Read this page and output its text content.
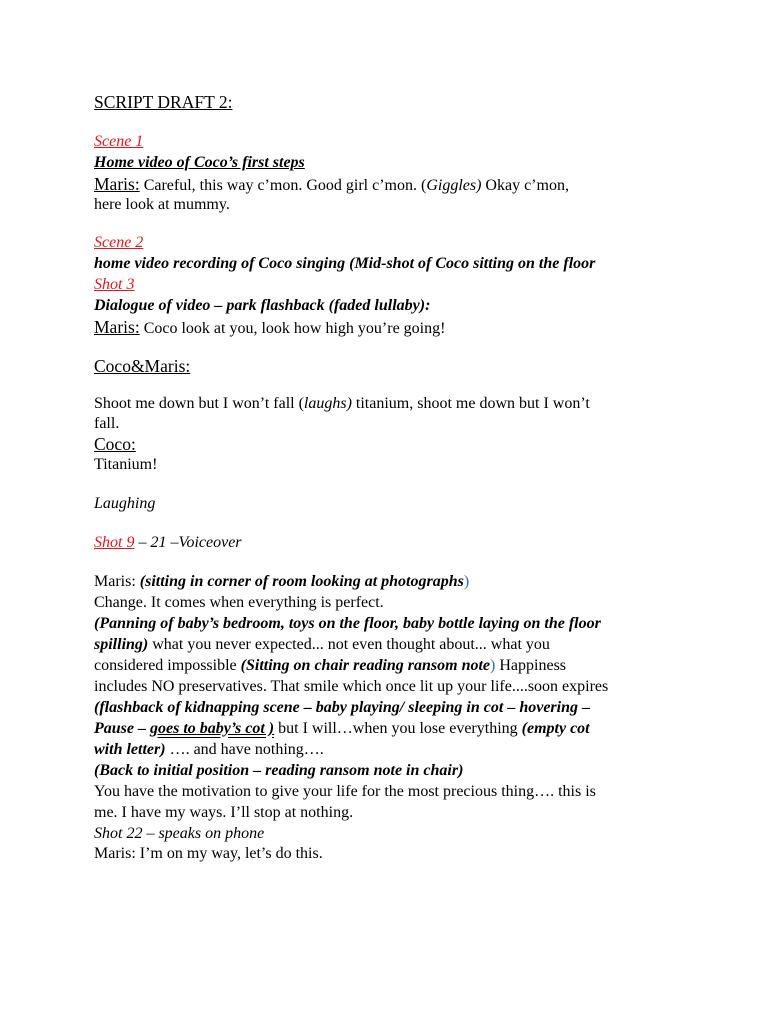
SCRIPT DRAFT 2:
Scene 1
Home video of Coco’s first steps
Maris: Careful, this way c’mon. Good girl c’mon. (Giggles) Okay c’mon,
here look at mummy.
Scene 2
home video recording of Coco singing (Mid-shot of Coco sitting on the floor
Shot 3
Dialogue of video – park flashback (faded lullaby):
Maris: Coco look at you, look how high you’re going!
Coco&Maris:
Shoot me down but I won’t fall (laughs) titanium, shoot me down but I won’t
fall.
Coco:
Titanium!
Laughing
Shot 9 – 21 –Voiceover
Maris: (sitting in corner of room looking at photographs)
Change. It comes when everything is perfect.
(Panning of baby’s bedroom, toys on the floor, baby bottle laying on the floor
spilling) what you never expected... not even thought about... what you
considered impossible (Sitting on chair reading ransom note) Happiness
includes NO preservatives. That smile which once lit up your life....soon expires
(flashback of kidnapping scene – baby playing/ sleeping in cot – hovering –
Pause – goes to baby’s cot ) but I will…when you lose everything (empty cot
with letter) …. and have nothing….
(Back to initial position – reading ransom note in chair)
You have the motivation to give your life for the most precious thing…. this is
me. I have my ways. I’ll stop at nothing.
Shot 22 – speaks on phone
Maris: I’m on my way, let’s do this.
